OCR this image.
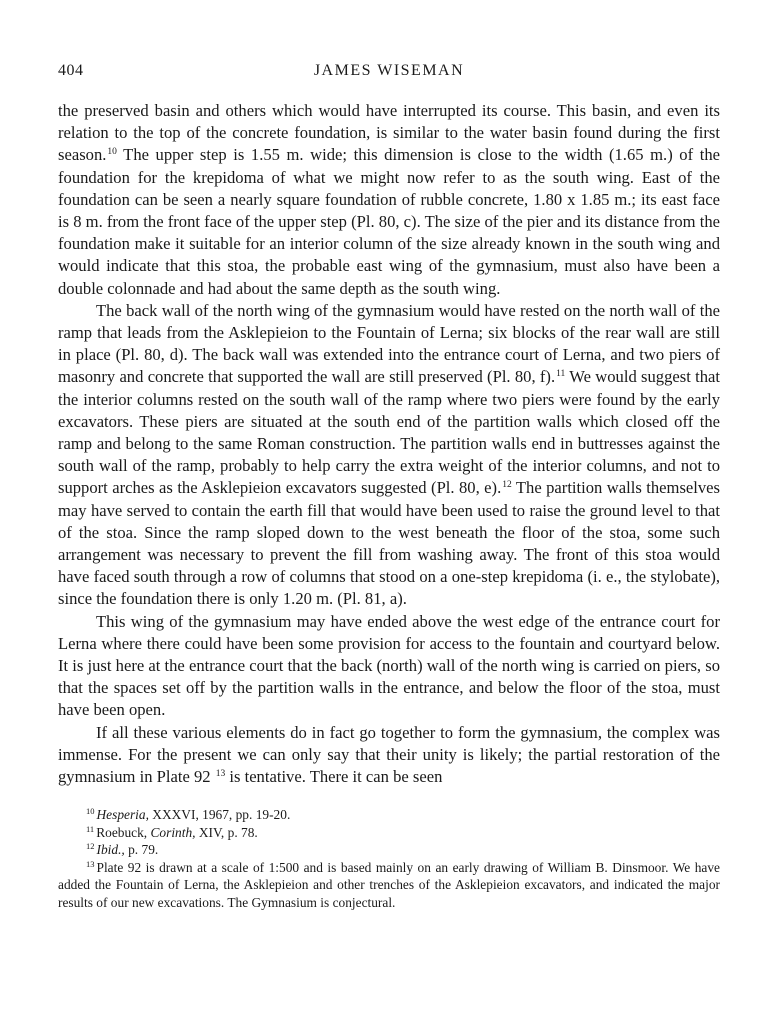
404	JAMES WISEMAN

the preserved basin and others which would have interrupted its course. This basin, and even its relation to the top of the concrete foundation, is similar to the water basin found during the first season.$^{10}$ The upper step is 1.55 m. wide; this dimension is close to the width (1.65 m.) of the foundation for the krepidoma of what we might now refer to as the south wing. East of the foundation can be seen a nearly square foundation of rubble concrete, 1.80 x 1.85 m.; its east face is 8 m. from the front face of the upper step (Pl. 80, c). The size of the pier and its distance from the foundation make it suitable for an interior column of the size already known in the south wing and would indicate that this stoa, the probable east wing of the gymnasium, must also have been a double colonnade and had about the same depth as the south wing.

The back wall of the north wing of the gymnasium would have rested on the north wall of the ramp that leads from the Asklepieion to the Fountain of Lerna; six blocks of the rear wall are still in place (Pl. 80, d). The back wall was extended into the entrance court of Lerna, and two piers of masonry and concrete that supported the wall are still preserved (Pl. 80, f).$^{11}$ We would suggest that the interior columns rested on the south wall of the ramp where two piers were found by the early excavators. These piers are situated at the south end of the partition walls which closed off the ramp and belong to the same Roman construction. The partition walls end in buttresses against the south wall of the ramp, probably to help carry the extra weight of the interior columns, and not to support arches as the Asklepieion excavators suggested (Pl. 80, e).$^{12}$ The partition walls themselves may have served to contain the earth fill that would have been used to raise the ground level to that of the stoa. Since the ramp sloped down to the west beneath the floor of the stoa, some such arrangement was necessary to prevent the fill from washing away. The front of this stoa would have faced south through a row of columns that stood on a one-step krepidoma (i. e., the stylobate), since the foundation there is only 1.20 m. (Pl. 81, a).

This wing of the gymnasium may have ended above the west edge of the entrance court for Lerna where there could have been some provision for access to the fountain and courtyard below. It is just here at the entrance court that the back (north) wall of the north wing is carried on piers, so that the spaces set off by the partition walls in the entrance, and below the floor of the stoa, must have been open.

If all these various elements do in fact go together to form the gymnasium, the complex was immense. For the present we can only say that their unity is likely; the partial restoration of the gymnasium in Plate 92 $^{13}$ is tentative. There it can be seen

$^{10}$ Hesperia, XXXVI, 1967, pp. 19-20.

$^{11}$ Roebuck, Corinth, XIV, p. 78.

$^{12}$ Ibid., p. 79.

$^{13}$ Plate 92 is drawn at a scale of 1:500 and is based mainly on an early drawing of William B. Dinsmoor. We have added the Fountain of Lerna, the Asklepieion and other trenches of the Asklepieion excavators, and indicated the major results of our new excavations. The Gymnasium is conjectural.
